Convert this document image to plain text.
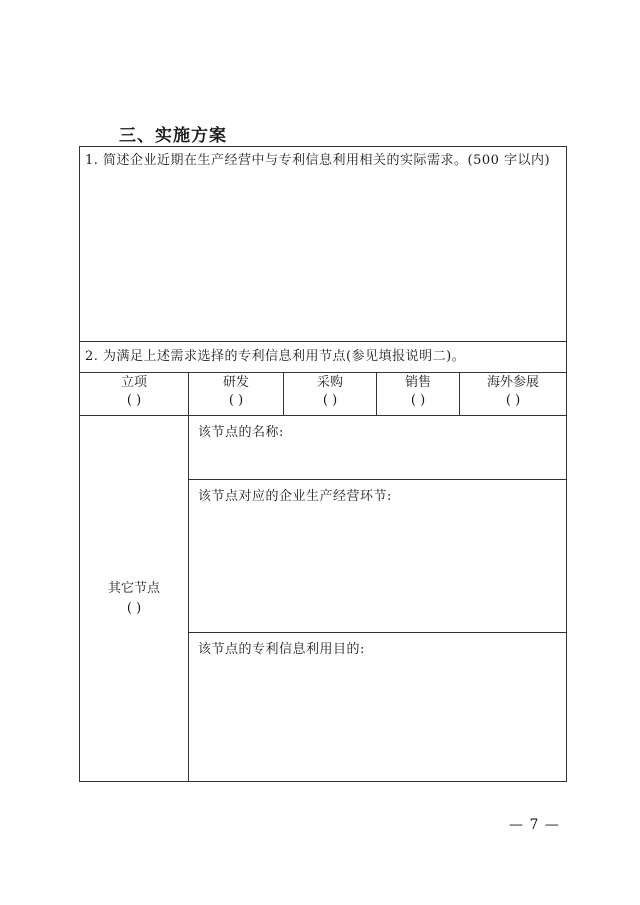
三、实施方案
1. 简述企业近期在生产经营中与专利信息利用相关的实际需求。(500 字以内)
2. 为满足上述需求选择的专利信息利用节点(参见填报说明二)。
立项
( )
研发
( )
采购
( )
销售
( )
海外参展
( )
其它节点
( )
该节点的名称:
该节点对应的企业生产经营环节:
该节点的专利信息利用目的:
— 7 —
